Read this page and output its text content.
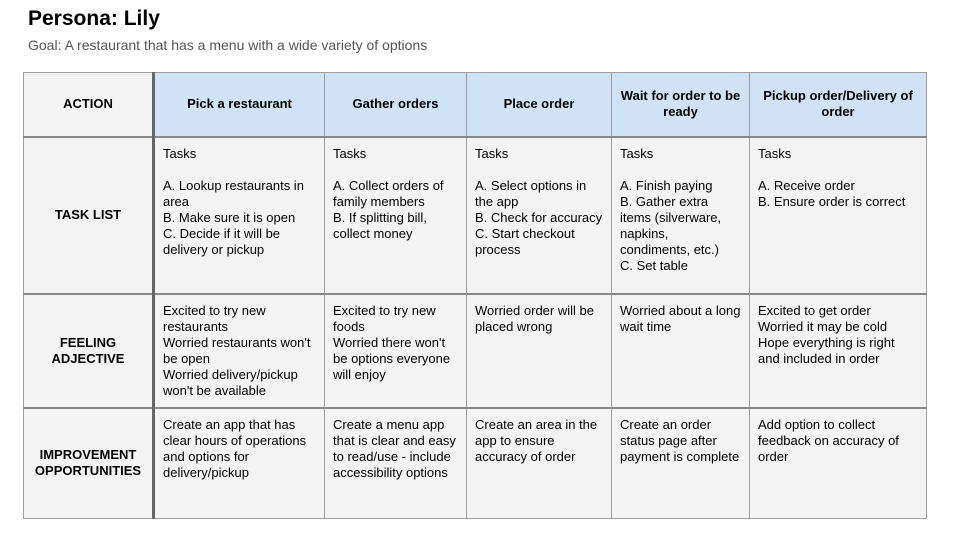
Persona: Lily
Goal: A restaurant that has a menu with a wide variety of options
ACTION	Pick a restaurant	Gather orders	Place order	Wait for order to be ready	Pickup order/Delivery of order
TASK LIST	Tasks
A. Lookup restaurants in area
B. Make sure it is open
C. Decide if it will be delivery or pickup	Tasks
A. Collect orders of family members
B. If splitting bill, collect money	Tasks
A. Select options in the app
B. Check for accuracy
C. Start checkout process	Tasks
A. Finish paying
B. Gather extra items (silverware, napkins, condiments, etc.)
C. Set table	Tasks
A. Receive order
B. Ensure order is correct

FEELING ADJECTIVE	Excited to try new restaurants
Worried restaurants won't be open
Worried delivery/pickup won't be available	Excited to try new foods
Worried there won't be options everyone will enjoy	Worried order will be placed wrong	Worried about a long wait time	Excited to get order
Worried it may be cold
Hope everything is right and included in order

IMPROVEMENT OPPORTUNITIES	Create an app that has clear hours of operations and options for delivery/pickup	Create a menu app that is clear and easy to read/use - include accessibility options	Create an area in the app to ensure accuracy of order	Create an order status page after payment is complete	Add option to collect feedback on accuracy of order
